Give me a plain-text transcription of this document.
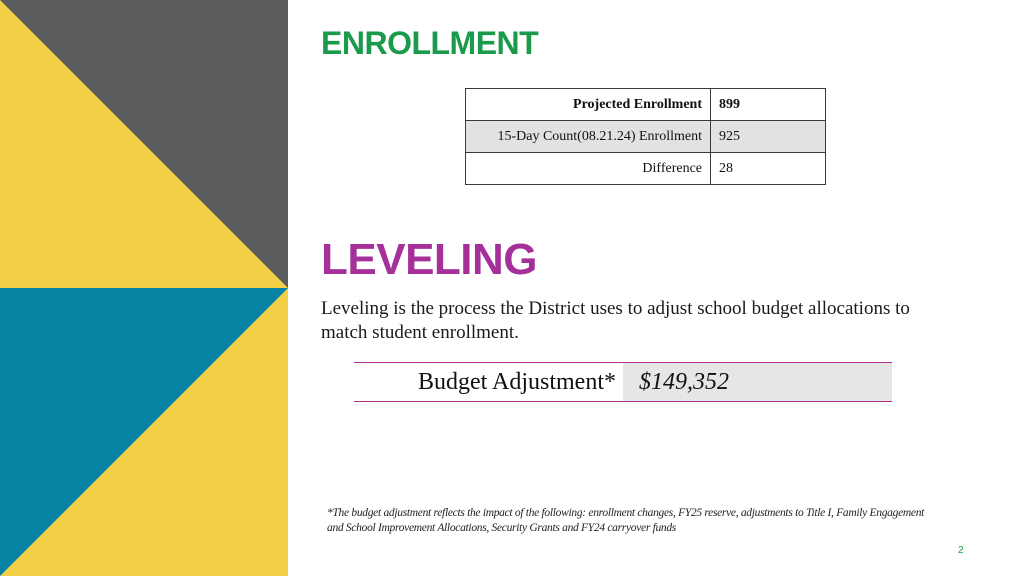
ENROLLMENT
Projected Enrollment	899
15-Day Count(08.21.24) Enrollment	925
Difference	28
LEVELING

Leveling is the process the District uses to adjust school budget allocations to match student enrollment.

Budget Adjustment* $149,352

*The budget adjustment reflects the impact of the following: enrollment changes, FY25 reserve, adjustments to Title I, Family Engagement and School Improvement Allocations, Security Grants and FY24 carryover funds

2
